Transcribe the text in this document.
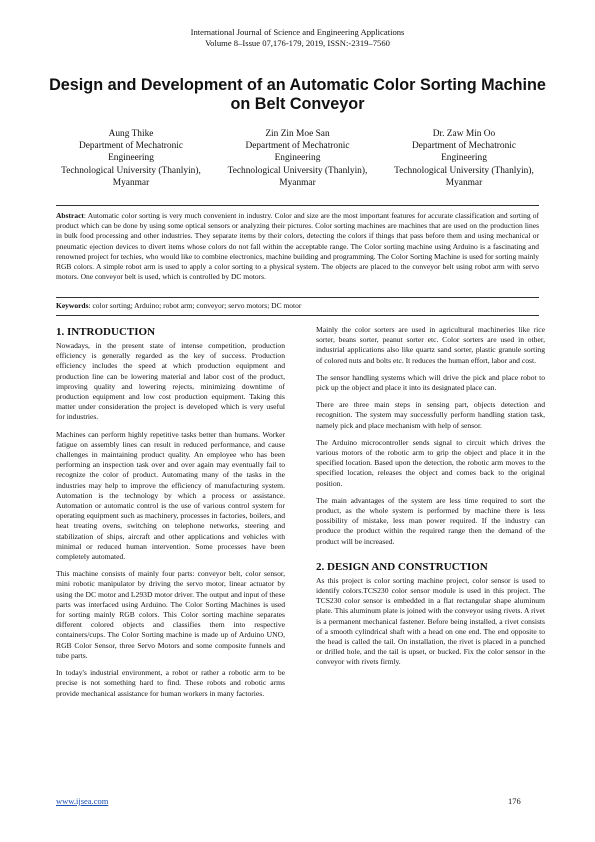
International Journal of Science and Engineering Applications
Volume 8–Issue 07,176-179, 2019, ISSN:-2319–7560
Design and Development of an Automatic Color Sorting Machine on Belt Conveyor
Aung Thike
Department of Mechatronic Engineering
Technological University (Thanlyin), Myanmar
Zin Zin Moe San
Department of Mechatronic Engineering
Technological University (Thanlyin), Myanmar
Dr. Zaw Min Oo
Department of Mechatronic Engineering
Technological University (Thanlyin), Myanmar
Abstract: Automatic color sorting is very much convenient in industry. Color and size are the most important features for accurate classification and sorting of product which can be done by using some optical sensors or analyzing their pictures. Color sorting machines are machines that are used on the production lines in bulk food processing and other industries. They separate items by their colors, detecting the colors if things that pass before them and using mechanical or pneumatic ejection devices to divert items whose colors do not fall within the acceptable range. The Color sorting machine using Arduino is a fascinating and renowned project for techies, who would like to combine electronics, machine building and programming. The Color Sorting Machine is used for sorting mainly RGB colors. A simple robot arm is used to apply a color sorting to a physical system. The objects are placed to the conveyor belt using robot arm with servo motors. One conveyor belt is used, which is controlled by DC motors.
Keywords: color sorting; Arduino; robot arm; conveyor; servo motors; DC motor
1. INTRODUCTION

Nowadays, in the present state of intense competition, production efficiency is generally regarded as the key of success. Production efficiency includes the speed at which production equipment and production line can be lowering material and labor cost of the product, improving quality and lowering rejects, minimizing downtime of production equipment and low cost production equipment. Taking this matter under consideration the project is developed which is very useful for industries.

Machines can perform highly repetitive tasks better than humans. Worker fatigue on assembly lines can result in reduced performance, and cause challenges in maintaining product quality. An employee who has been performing an inspection task over and over again may eventually fail to recognize the color of product. Automating many of the tasks in the industries may help to improve the efficiency of manufacturing system. Automation is the technology by which a process or assistance. Automation or automatic control is the use of various control system for operating equipment such as machinery, processes in factories, boilers, and heat treating ovens, switching on telephone networks, steering and stabilization of ships, aircraft and other applications and vehicles with minimal or reduced human intervention. Some processes have been completely automated.

This machine consists of mainly four parts: conveyor belt, color sensor, mini robotic manipulator by driving the servo motor, linear actuator by using the DC motor and L293D motor driver. The output and input of these parts was interfaced using Arduino. The Color Sorting Machines is used for sorting mainly RGB colors. This Color sorting machine separates different colored objects and classifies them into respective containers/cups. The Color Sorting machine is made up of Arduino UNO, RGB Color Sensor, three Servo Motors and some composite funnels and tube parts.

In today's industrial environment, a robot or rather a robotic arm to be precise is not something hard to find. These robots and robotic arms provide mechanical assistance for human workers in many factories.

Mainly the color sorters are used in agricultural machineries like rice sorter, beans sorter, peanut sorter etc. Color sorters are used in other, industrial applications also like quartz sand sorter, plastic granule sorting of colored nuts and bolts etc. It reduces the human effort, labor and cost.

The sensor handling systems which will drive the pick and place robot to pick up the object and place it into its designated place can.

There are three main steps in sensing part, objects detection and recognition. The system may successfully perform handling station task, namely pick and place mechanism with help of sensor.

The Arduino microcontroller sends signal to circuit which drives the various motors of the robotic arm to grip the object and place it in the specified location. Based upon the detection, the robotic arm moves to the specified location, releases the object and comes back to the original position.

The main advantages of the system are less time required to sort the product, as the whole system is performed by machine there is less possibility of mistake, less man power required. If the industry can produce the product within the required range then the demand of the product will be increased.

2. DESIGN AND CONSTRUCTION

As this project is color sorting machine project, color sensor is used to identify colors.TCS230 color sensor module is used in this project. The TCS230 color sensor is embedded in a flat rectangular shape aluminum plate. This aluminum plate is joined with the conveyor using rivets. A rivet is a permanent mechanical fastener. Before being installed, a rivet consists of a smooth cylindrical shaft with a head on one end. The end opposite to the head is called the tail. On installation, the rivet is placed in a punched or drilled hole, and the tail is upset, or bucked. Fix the color sensor in the conveyor with rivets firmly.

www.ijsea.com	176
